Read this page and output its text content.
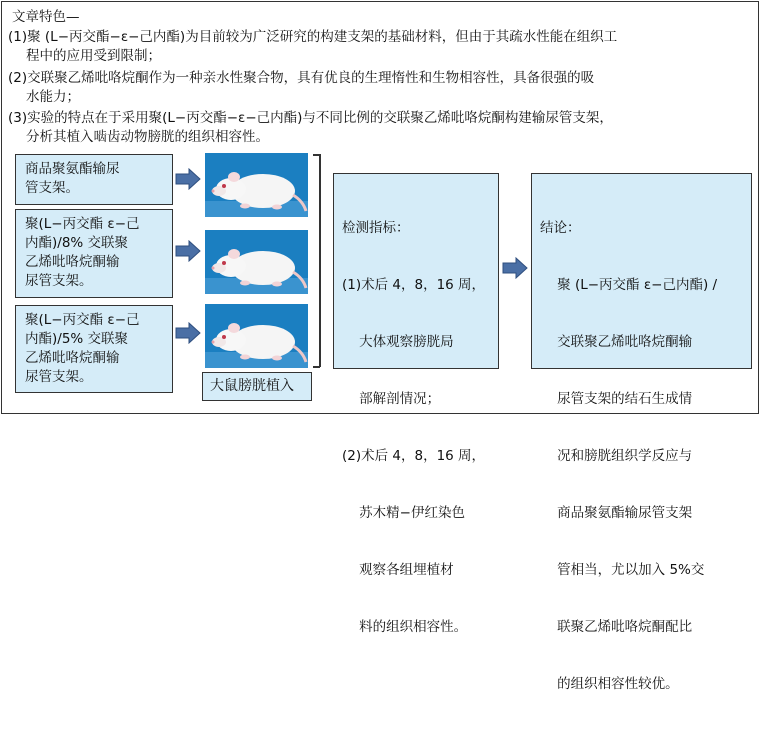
文章特色—
(1)聚 (L−丙交酯−ε−己内酯)为目前较为广泛研究的构建支架的基础材料，但由于其疏水性能在组织工
程中的应用受到限制；
(2)交联聚乙烯吡咯烷酮作为一种亲水性聚合物，具有优良的生理惰性和生物相容性，具备很强的吸
水能力；
(3)实验的特点在于采用聚(L−丙交酯−ε−己内酯)与不同比例的交联聚乙烯吡咯烷酮构建输尿管支架，
分析其植入啮齿动物膀胱的组织相容性。
商品聚氨酯输尿
管支架。
聚(L−丙交酯 ε−己
内酯)/8% 交联聚
乙烯吡咯烷酮输
尿管支架。
聚(L−丙交酯 ε−己
内酯)/5% 交联聚
乙烯吡咯烷酮输
尿管支架。
大鼠膀胱植入

检测指标：

(1)术后 4，8，16 周，

大体观察膀胱局

部解剖情况；

(2)术后 4，8，16 周，

苏木精−伊红染色

观察各组埋植材

料的组织相容性。

结论：

聚 (L−丙交酯 ε−己内酯) /

交联聚乙烯吡咯烷酮输

尿管支架的结石生成情

况和膀胱组织学反应与

商品聚氨酯输尿管支架

管相当，尤以加入 5%交

联聚乙烯吡咯烷酮配比

的组织相容性较优。
